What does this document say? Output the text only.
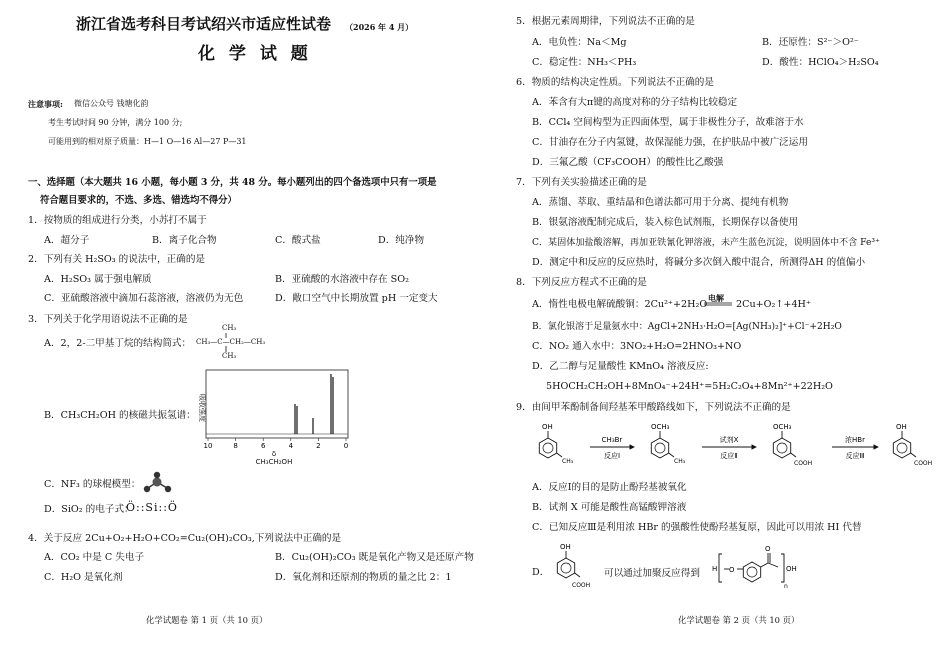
浙江省选考科目考试绍兴市适应性试卷 （2026 年 4 月）
化 学 试 题
注意事项: 微信公众号 钱塘化韵
考生考试时间 90 分钟，满分 100 分;
可能用到的相对原子质量：H—1 O—16 Al—27 P—31
一、选择题（本大题共 16 小题，每小题 3 分，共 48 分。每小题列出的四个备选项中只有一项是
符合题目要求的，不选、多选、错选均不得分）
1．按物质的组成进行分类，小苏打不属于
A．超分子	B．离子化合物	C．酸式盐	D．纯净物
2．下列有关 H₂SO₃ 的说法中，正确的是
A．H₂SO₃ 属于强电解质	B．亚硫酸的水溶液中存在 SO₂
C．亚硫酸溶液中滴加石蕊溶液，溶液仍为无色	D．敞口空气中长期放置 pH 一定变大
3．下列关于化学用语说法不正确的是
A．2，2-二甲基丁烷的结构简式：
CH₃
CH₃—C—CH₂—CH₃
CH₃
B．CH₃CH₂OH 的核磁共振氢谱： 吸收强度
10	8	6	4	2	0
δ
CH₃CH₂OH
C．NF₃ 的球棍模型：
D．SiO₂ 的电子式：
Ö::Si::Ö
4．关于反应 2Cu+O₂+H₂O+CO₂=Cu₂(OH)₂CO₃,下列说法中正确的是
A．CO₂ 中是 C 失电子	B．Cu₂(OH)₂CO₃ 既是氧化产物又是还原产物
C．H₂O 是氧化剂	D．氧化剂和还原剂的物质的量之比 2：1
化学试题卷 第 1 页（共 10 页）
5．根据元素周期律，下列说法不正确的是
A．电负性：Na＜Mg	B．还原性：S²⁻＞O²⁻
C．稳定性：NH₃＜PH₃	D．酸性：HClO₄＞H₂SO₄
6．物质的结构决定性质。下列说法不正确的是
A．苯含有大π键的高度对称的分子结构比较稳定
B．CCl₄ 空间构型为正四面体型，属于非极性分子，故难溶于水
C．甘油存在分子内氢键，故保湿能力强，在护肤品中被广泛运用
D．三氟乙酸（CF₃COOH）的酸性比乙酸强
7．下列有关实验描述正确的是
A．蒸馏、萃取、重结晶和色谱法都可用于分离、提纯有机物
B．银氨溶液配制完成后，装入棕色试剂瓶，长期保存以备使用
C．某固体加盐酸溶解，再加亚铁氰化钾溶液，未产生蓝色沉淀，说明固体中不含 Fe³⁺
D．测定中和反应的反应热时，将碱分多次倒入酸中混合，所测得ΔH 的值偏小
8．下列反应方程式不正确的是
A．惰性电极电解硫酸铜：2Cu²⁺+2H₂O
电解
2Cu+O₂↑+4H⁺
B．氯化银溶于足量氨水中：AgCl+2NH₃·H₂O=[Ag(NH₃)₂]⁺+Cl⁻+2H₂O
C．NO₂ 通入水中：3NO₂+H₂O=2HNO₃+NO
D．乙二醇与足量酸性 KMnO₄ 溶液反应:
5HOCH₂CH₂OH+8MnO₄⁻+24H⁺=5H₂C₂O₄+8Mn²⁺+22H₂O
9．由间甲苯酚制备间羟基苯甲酸路线如下，下列说法不正确的是
OH
CH₃
CH₃Br
反应Ⅰ
OCH₃
CH₃
试剂X
反应Ⅱ
OCH₃
COOH
浓HBr
反应Ⅲ
OH
COOH
A．反应Ⅰ的目的是防止酚羟基被氧化
B．试剂 X 可能是酸性高锰酸钾溶液
C．已知反应Ⅲ是利用浓 HBr 的强酸性使酚羟基复原，因此可以用浓 HI 代替
D．
OH
COOH
可以通过加聚反应得到 H O
O
OH
n
化学试题卷 第 2 页（共 10 页）
